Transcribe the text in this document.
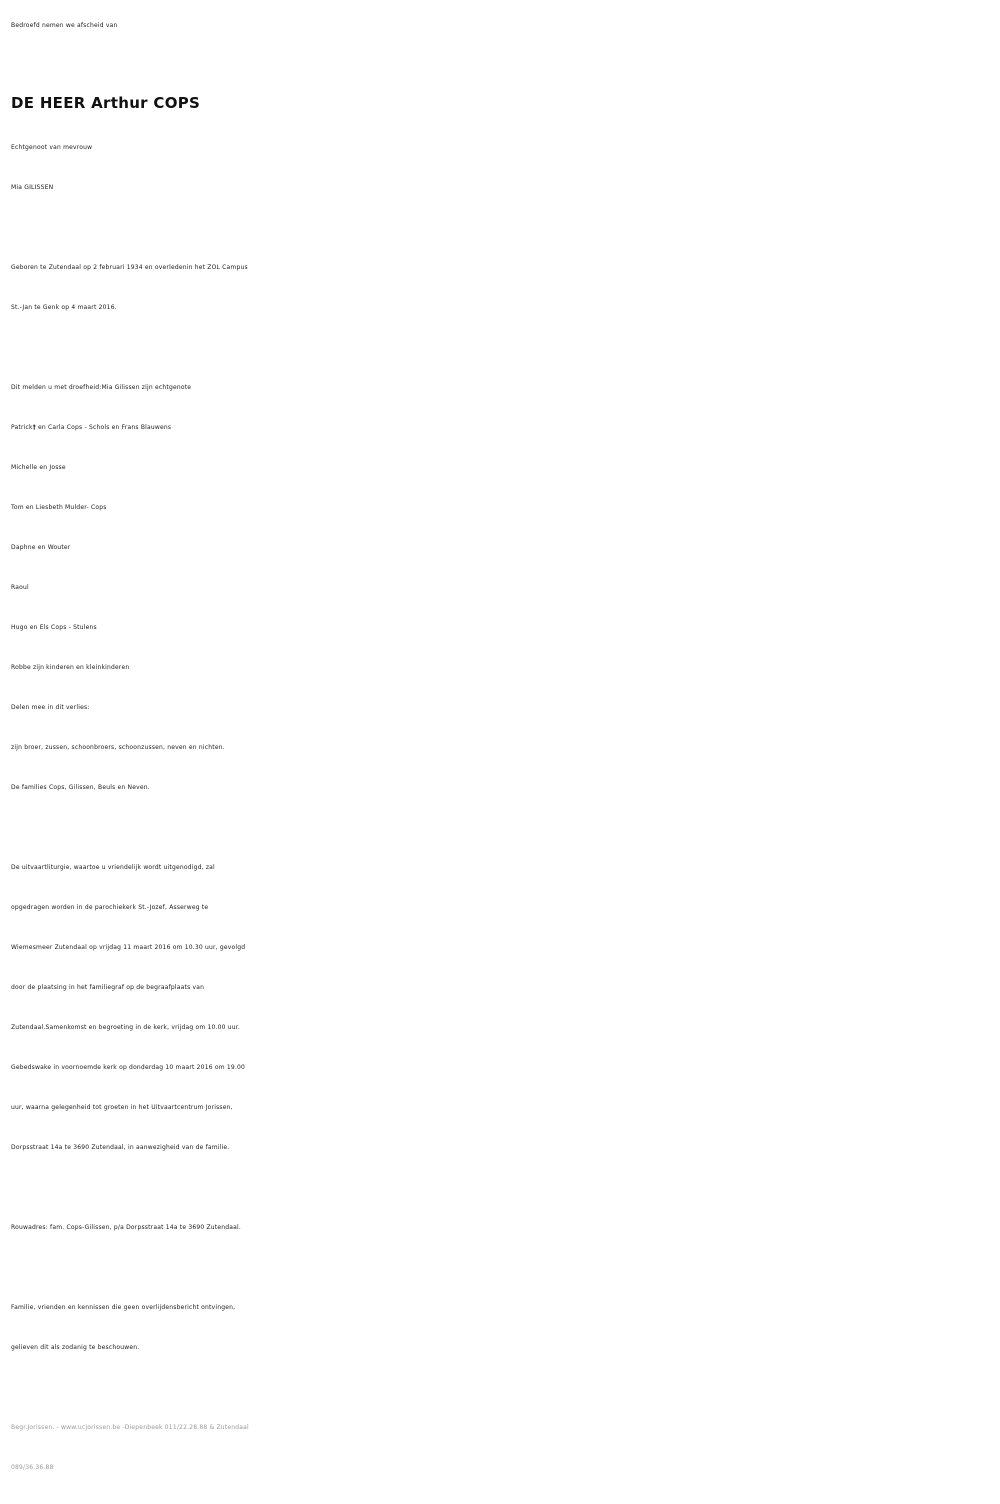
Bedroefd nemen we afscheid van
DE HEER Arthur COPS
Echtgenoot van mevrouw
Mia GILISSEN
Geboren te Zutendaal op 2 februari 1934 en overledenin het ZOL Campus
St.-Jan te Genk op 4 maart 2016.
Dit melden u met droefheid:Mia Gilissen zijn echtgenote
Patrick† en Carla Cops - Schols en Frans Blauwens
Michelle en Josse
Tom en Liesbeth Mulder- Cops
Daphne en Wouter
Raoul
Hugo en Els Cops - Stulens
Robbe zijn kinderen en kleinkinderen
Delen mee in dit verlies:
zijn broer, zussen, schoonbroers, schoonzussen, neven en nichten.
De families Cops, Gilissen, Beuls en Neven.
De uitvaartliturgie, waartoe u vriendelijk wordt uitgenodigd, zal
opgedragen worden in de parochiekerk St.-Jozef, Asserweg te
Wiemesmeer Zutendaal op vrijdag 11 maart 2016 om 10.30 uur, gevolgd
door de plaatsing in het familiegraf op de begraafplaats van
Zutendaal.Samenkomst en begroeting in de kerk, vrijdag om 10.00 uur.
Gebedswake in voornoemde kerk op donderdag 10 maart 2016 om 19.00
uur, waarna gelegenheid tot groeten in het Uitvaartcentrum Jorissen,
Dorpsstraat 14a te 3690 Zutendaal, in aanwezigheid van de familie.
Rouwadres: fam. Cops-Gilissen, p/a Dorpsstraat 14a te 3690 Zutendaal.
Familie, vrienden en kennissen die geen overlijdensbericht ontvingen,
gelieven dit als zodanig te beschouwen.
Begr.Jorissen, - www.ucjorissen.be -Diepenbeek 011/22.28.88 & Zutendaal
089/36.36.88
